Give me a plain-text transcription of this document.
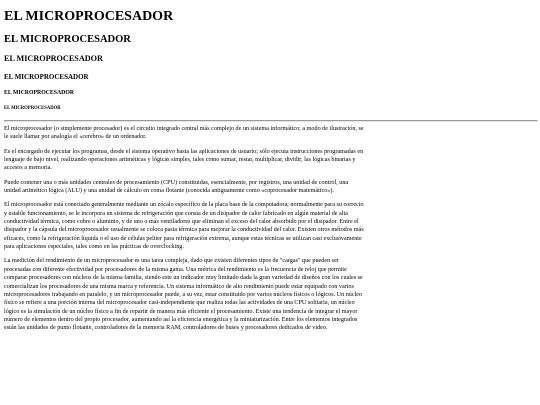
EL MICROPROCESADOR
EL MICROPROCESADOR
EL MICROPROCESADOR
EL MICROPROCESADOR
EL MICROPROCESADOR
EL MICROPROCESADOR

El microprocesador (o simplemente procesador) es el circuito integrado central más complejo de un sistema informático; a modo de ilustración, se le suele llamar por analogía el «cerebro» de un ordenador.

Es el encargado de ejecutar los programas, desde el sistema operativo hasta las aplicaciones de usuario; sólo ejecuta instrucciones programadas en lenguaje de bajo nivel, realizando operaciones aritméticas y lógicas simples, tales como sumar, restar, multiplicar, dividir, las lógicas binarias y accesos a memoria.

Puede contener una o más unidades centrales de procesamiento (CPU) constituidas, esencialmente, por registros, una unidad de control, una unidad aritmético lógica (ALU) y una unidad de cálculo en coma flotante (conocida antiguamente como «coprocesador matemático»).

El microprocesador está conectado generalmente mediante un zócalo específico de la placa base de la computadora; normalmente para su correcto y estable funcionamiento, se le incorpora un sistema de refrigeración que consta de un disipador de calor fabricado en algún material de alta conductividad térmica, como cobre o aluminio, y de uno o más ventiladores que eliminan el exceso del calor absorbido por el disipador. Entre el disipador y la cápsula del microprocesador usualmente se coloca pasta térmica para mejorar la conductividad del calor. Existen otros métodos más eficaces, como la refrigeración líquida o el uso de células peltier para refrigeración extrema, aunque estas técnicas se utilizan casi exclusivamente para aplicaciones especiales, tales como en las prácticas de overclocking.

La medición del rendimiento de un microprocesador es una tarea compleja, dado que existen diferentes tipos de "cargas" que pueden ser procesadas con diferente efectividad por procesadores de la misma gama. Una métrica del rendimiento es la frecuencia de reloj que permite comparar procesadores con núcleos de la misma familia, siendo este un indicador muy limitado dada la gran variedad de diseños con los cuales se comercializan los procesadores de una misma marca y referencia. Un sistema informático de alto rendimiento puede estar equipado con varios microprocesadores trabajando en paralelo, y un microprocesador puede, a su vez, estar constituido por varios núcleos físicos o lógicos. Un núcleo físico se refiere a una porción interna del microprocesador casi-independiente que realiza todas las actividades de una CPU solitaria, un núcleo lógico es la simulación de un núcleo físico a fin de repartir de manera más eficiente el procesamiento. Existe una tendencia de integrar el mayor número de elementos dentro del propio procesador, aumentando así la eficiencia energética y la miniaturización. Entre los elementos integrados están las unidades de punto flotante, controladores de la memoria RAM, controladores de buses y procesadores dedicados de video.
